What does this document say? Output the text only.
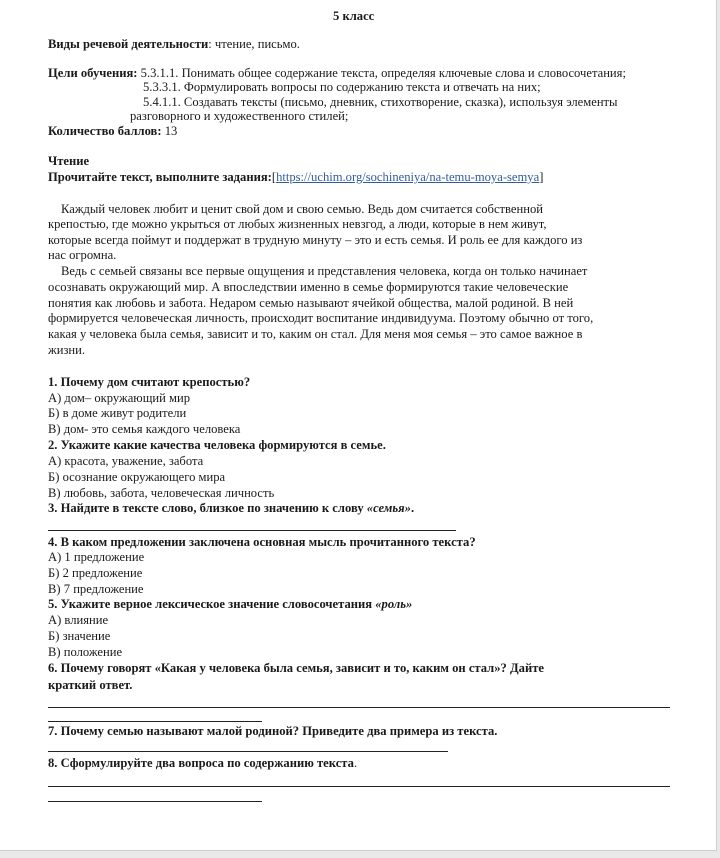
5 класс
Виды речевой деятельности: чтение, письмо.
Цели обучения: 5.3.1.1. Понимать общее содержание текста, определяя ключевые слова и словосочетания;
5.3.3.1. Формулировать вопросы по содержанию текста и отвечать на них;
5.4.1.1. Создавать тексты (письмо, дневник, стихотворение, сказка), используя элементы
разговорного и художественного стилей;
Количество баллов: 13
Чтение
Прочитайте текст, выполните задания:[https://uchim.org/sochineniya/na-temu-moya-semya]
Каждый человек любит и ценит свой дом и свою семью. Ведь дом считается собственной
крепостью, где можно укрыться от любых жизненных невзгод, а люди, которые в нем живут,
которые всегда поймут и поддержат в трудную минуту – это и есть семья. И роль ее для каждого из
нас огромна.
Ведь с семьей связаны все первые ощущения и представления человека, когда он только начинает
осознавать окружающий мир. А впоследствии именно в семье формируются такие человеческие
понятия как любовь и забота. Недаром семью называют ячейкой общества, малой родиной. В ней
формируется человеческая личность, происходит воспитание индивидуума. Поэтому обычно от того,
какая у человека была семья, зависит и то, каким он стал. Для меня моя семья – это самое важное в
жизни.
1. Почему дом считают крепостью?
А) дом– окружающий мир
Б) в доме живут родители
В) дом- это семья каждого человека
2. Укажите какие качества человека формируются в семье.
А) красота, уважение, забота
Б) осознание окружающего мира
В) любовь, забота, человеческая личность
3. Найдите в тексте слово, близкое по значению к слову «семья».
4. В каком предложении заключена основная мысль прочитанного текста?
А) 1 предложение
Б) 2 предложение
В) 7 предложение
5. Укажите верное лексическое значение словосочетания «роль»
А) влияние
Б) значение
В) положение
6. Почему говорят «Какая у человека была семья, зависит и то, каким он стал»? Дайте
краткий ответ.
7. Почему семью называют малой родиной? Приведите два примера из текста.
8. Сформулируйте два вопроса по содержанию текста.
